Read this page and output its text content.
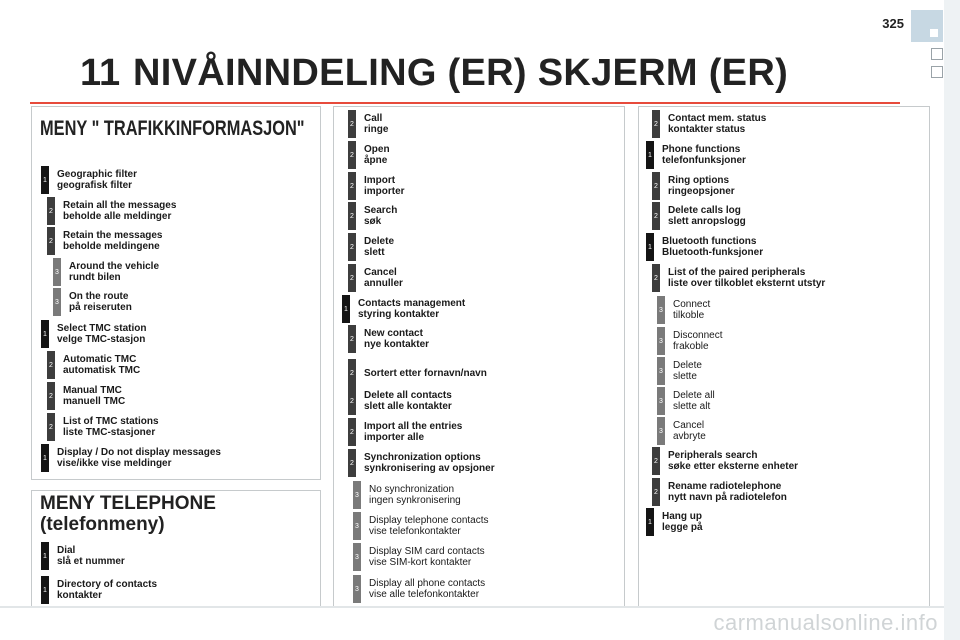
325
11 NIVÅINNDELING (ER) SKJERM (ER)
MENY " TRAFIKKINFORMASJON"
MENY TELEPHONE
(telefonmeny)
1 Geographic filter
geografisk filter
2 Retain all the messages
beholde alle meldinger
2 Retain the messages
beholde meldingene
3 Around the vehicle
rundt bilen
3 On the route
på reiseruten
1 Select TMC station
velge TMC-stasjon
2 Automatic TMC
automatisk TMC
2 Manual TMC
manuell TMC
2 List of TMC stations
liste TMC-stasjoner
1 Display / Do not display messages
vise/ikke vise meldinger
1 Dial
slå et nummer
1 Directory of contacts
kontakter
2 Call
ringe
2 Open
åpne
2 Import
importer
2 Search
søk
2 Delete
slett
2 Cancel
annuller
1 Contacts management
styring kontakter
2 New contact
nye kontakter
2 Sortert etter fornavn/navn
2 Delete all contacts
slett alle kontakter
2 Import all the entries
importer alle
2 Synchronization options
synkronisering av opsjoner
3 No synchronization
ingen synkronisering
3 Display telephone contacts
vise telefonkontakter
3 Display SIM card contacts
vise SIM-kort kontakter
3 Display all phone contacts
vise alle telefonkontakter
2 Contact mem. status
kontakter status
1 Phone functions
telefonfunksjoner
2 Ring options
ringeopsjoner
2 Delete calls log
slett anropslogg
1 Bluetooth functions
Bluetooth-funksjoner
2 List of the paired peripherals
liste over tilkoblet eksternt utstyr
3 Connect
tilkoble
3 Disconnect
frakoble
3 Delete
slette
3 Delete all
slette alt
3 Cancel
avbryte
2 Peripherals search
søke etter eksterne enheter
2 Rename radiotelephone
nytt navn på radiotelefon
1 Hang up
legge på
carmanualsonline.info
